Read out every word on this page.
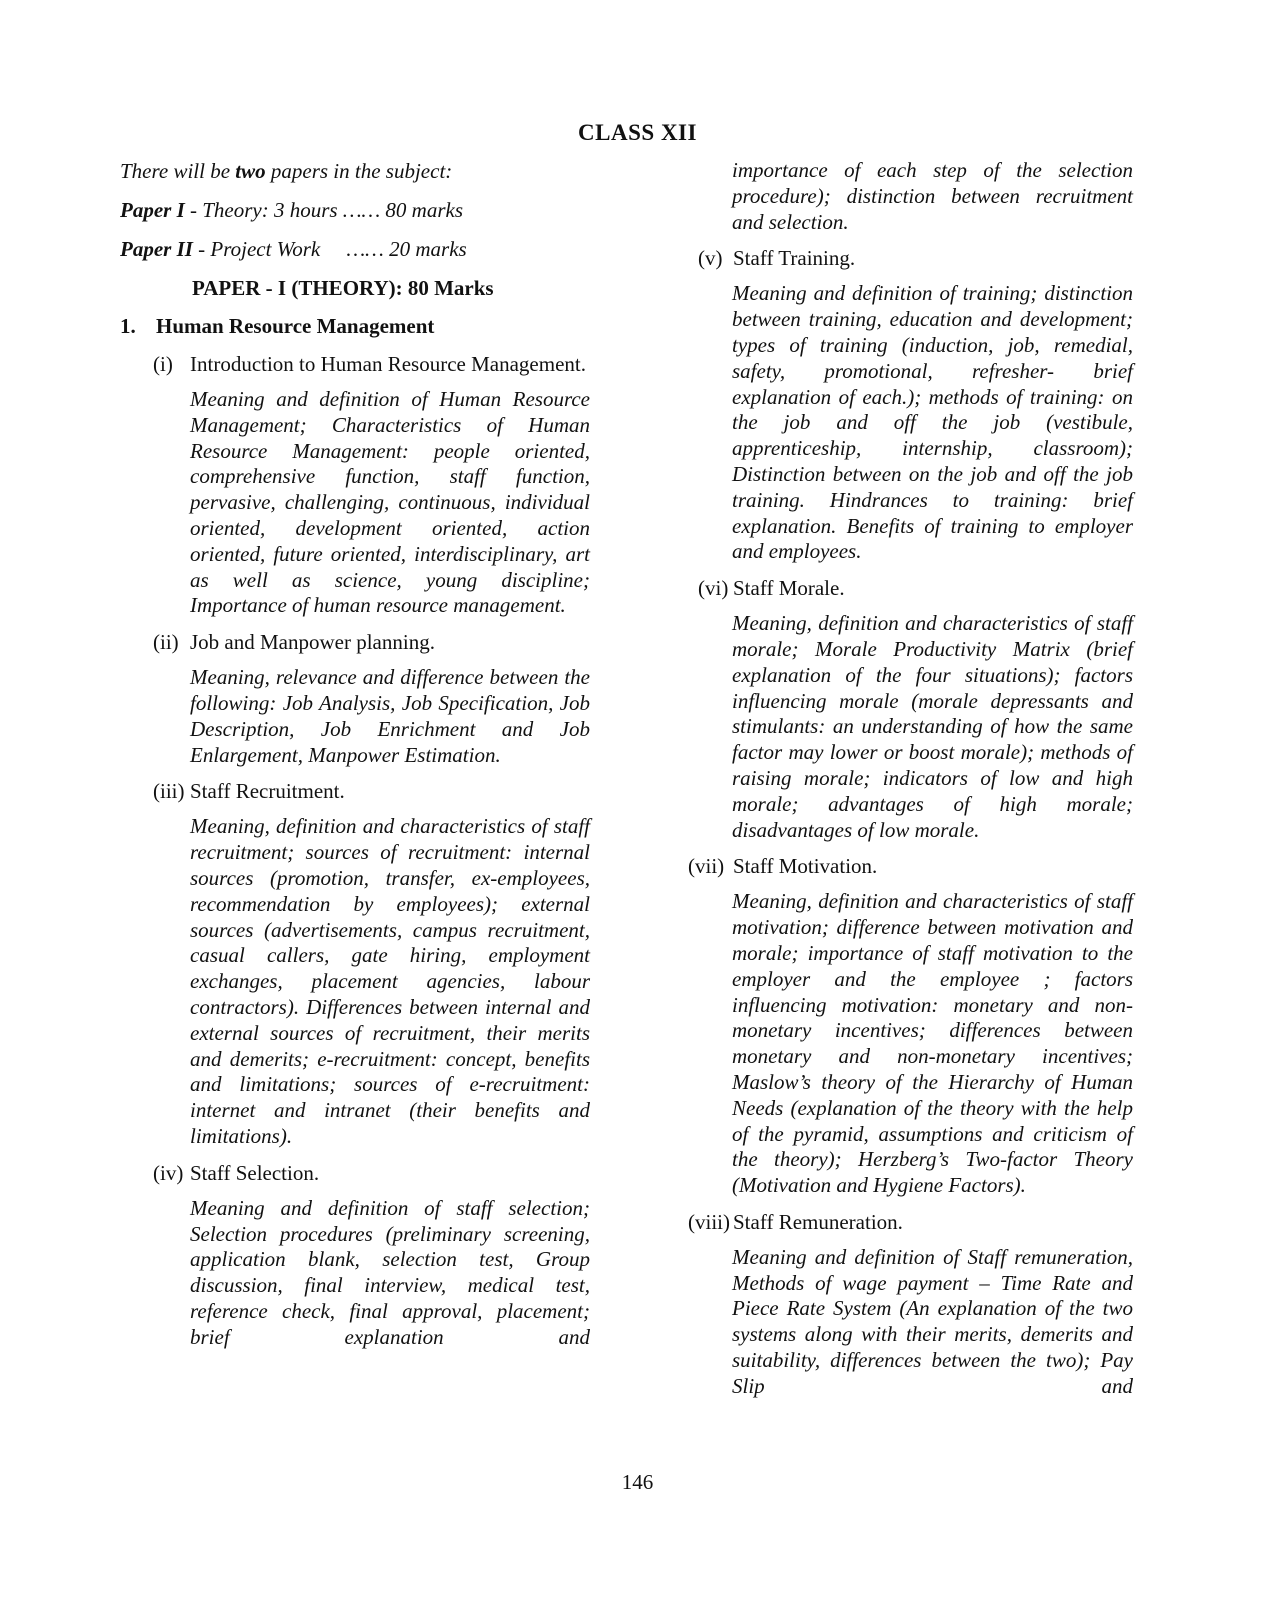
CLASS XII

There will be two papers in the subject:

Paper I - Theory: 3 hours …… 80 marks

Paper II - Project Work     …… 20 marks

PAPER - I (THEORY): 80 Marks

1. Human Resource Management
(i) Introduction to Human Resource Management.

Meaning and definition of Human Resource Management; Characteristics of Human Resource Management: people oriented, comprehensive function, staff function, pervasive, challenging, continuous, individual oriented, development oriented, action oriented, future oriented, interdisciplinary, art as well as science, young discipline; Importance of human resource management.

(ii) Job and Manpower planning.

Meaning, relevance and difference between the following: Job Analysis, Job Specification, Job Description, Job Enrichment and Job Enlargement, Manpower Estimation.

(iii) Staff Recruitment.

Meaning, definition and characteristics of staff recruitment; sources of recruitment: internal sources (promotion, transfer, ex-employees, recommendation by employees); external sources (advertisements, campus recruitment, casual callers, gate hiring, employment exchanges, placement agencies, labour contractors). Differences between internal and external sources of recruitment, their merits and demerits; e-recruitment: concept, benefits and limitations; sources of e-recruitment: internet and intranet (their benefits and limitations).

(iv) Staff Selection.

Meaning and definition of staff selection; Selection procedures (preliminary screening, application blank, selection test, Group discussion, final interview, medical test, reference check, final approval, placement; brief explanation and

importance of each step of the selection procedure); distinction between recruitment and selection.

(v) Staff Training.

Meaning and definition of training; distinction between training, education and development; types of training (induction, job, remedial, safety, promotional, refresher- brief explanation of each.); methods of training: on the job and off the job (vestibule, apprenticeship, internship, classroom); Distinction between on the job and off the job training. Hindrances to training: brief explanation. Benefits of training to employer and employees.

(vi) Staff Morale.

Meaning, definition and characteristics of staff morale; Morale Productivity Matrix (brief explanation of the four situations); factors influencing morale (morale depressants and stimulants: an understanding of how the same factor may lower or boost morale); methods of raising morale; indicators of low and high morale; advantages of high morale; disadvantages of low morale.

(vii) Staff Motivation.

Meaning, definition and characteristics of staff motivation; difference between motivation and morale; importance of staff motivation to the employer and the employee ; factors influencing motivation: monetary and non-monetary incentives; differences between monetary and non-monetary incentives; Maslow’s theory of the Hierarchy of Human Needs (explanation of the theory with the help of the pyramid, assumptions and criticism of the theory); Herzberg’s Two-factor Theory (Motivation and Hygiene Factors).

(viii) Staff Remuneration.

Meaning and definition of Staff remuneration, Methods of wage payment – Time Rate and Piece Rate System (An explanation of the two systems along with their merits, demerits and suitability, differences between the two); Pay Slip and

146
